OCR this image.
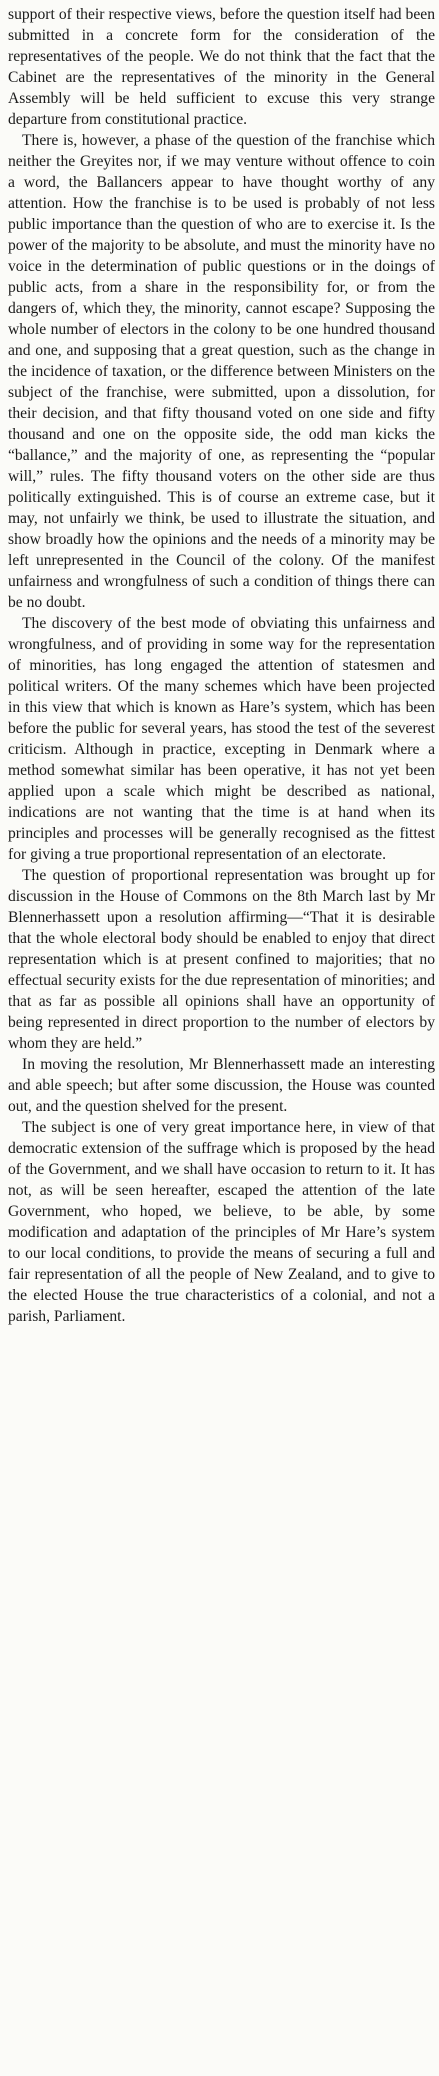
support of their respective views, before the question itself had been submitted in a concrete form for the consideration of the representatives of the people. We do not think that the fact that the Cabinet are the representatives of the minority in the General Assembly will be held sufficient to excuse this very strange departure from constitutional practice.

There is, however, a phase of the question of the franchise which neither the Greyites nor, if we may venture without offence to coin a word, the Ballancers appear to have thought worthy of any attention. How the franchise is to be used is probably of not less public importance than the question of who are to exercise it. Is the power of the majority to be absolute, and must the minority have no voice in the determination of public questions or in the doings of public acts, from a share in the responsibility for, or from the dangers of, which they, the minority, cannot escape? Supposing the whole number of electors in the colony to be one hundred thousand and one, and supposing that a great question, such as the change in the incidence of taxation, or the difference between Ministers on the subject of the franchise, were submitted, upon a dissolution, for their decision, and that fifty thousand voted on one side and fifty thousand and one on the opposite side, the odd man kicks the “ballance,” and the majority of one, as representing the “popular will,” rules. The fifty thousand voters on the other side are thus politically extinguished. This is of course an extreme case, but it may, not unfairly we think, be used to illustrate the situation, and show broadly how the opinions and the needs of a minority may be left unrepresented in the Council of the colony. Of the manifest unfairness and wrongfulness of such a condition of things there can be no doubt.

The discovery of the best mode of obviating this unfairness and wrongfulness, and of providing in some way for the representation of minorities, has long engaged the attention of statesmen and political writers. Of the many schemes which have been projected in this view that which is known as Hare’s system, which has been before the public for several years, has stood the test of the severest criticism. Although in practice, excepting in Denmark where a method somewhat similar has been operative, it has not yet been applied upon a scale which might be described as national, indications are not wanting that the time is at hand when its principles and processes will be generally recognised as the fittest for giving a true proportional representation of an electorate.

The question of proportional representation was brought up for discussion in the House of Commons on the 8th March last by Mr Blennerhassett upon a resolution affirming—“That it is desirable that the whole electoral body should be enabled to enjoy that direct representation which is at present confined to majorities; that no effectual security exists for the due representation of minorities; and that as far as possible all opinions shall have an opportunity of being represented in direct proportion to the number of electors by whom they are held.”

In moving the resolution, Mr Blennerhassett made an interesting and able speech; but after some discussion, the House was counted out, and the question shelved for the present.

The subject is one of very great importance here, in view of that democratic extension of the suffrage which is proposed by the head of the Government, and we shall have occasion to return to it. It has not, as will be seen hereafter, escaped the attention of the late Government, who hoped, we believe, to be able, by some modification and adaptation of the principles of Mr Hare’s system to our local conditions, to provide the means of securing a full and fair representation of all the people of New Zealand, and to give to the elected House the true characteristics of a colonial, and not a parish, Parliament.
